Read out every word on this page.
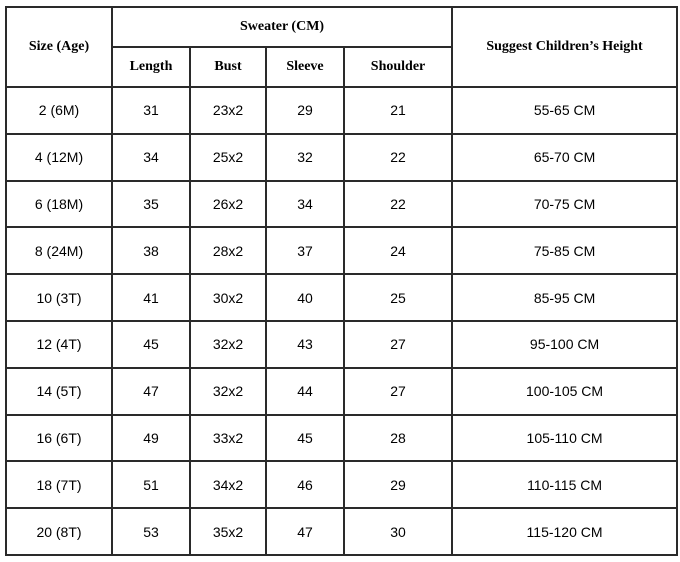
Size (Age)	Sweater (CM)				Suggest Children’s Height
	Length	Bust	Sleeve	Shoulder	
2 (6M)	31	23x2	29	21	55-65 CM
4 (12M)	34	25x2	32	22	65-70 CM
6 (18M)	35	26x2	34	22	70-75 CM
8 (24M)	38	28x2	37	24	75-85 CM
10 (3T)	41	30x2	40	25	85-95 CM
12 (4T)	45	32x2	43	27	95-100 CM
14 (5T)	47	32x2	44	27	100-105 CM
16 (6T)	49	33x2	45	28	105-110 CM
18 (7T)	51	34x2	46	29	110-115 CM
20 (8T)	53	35x2	47	30	115-120 CM
